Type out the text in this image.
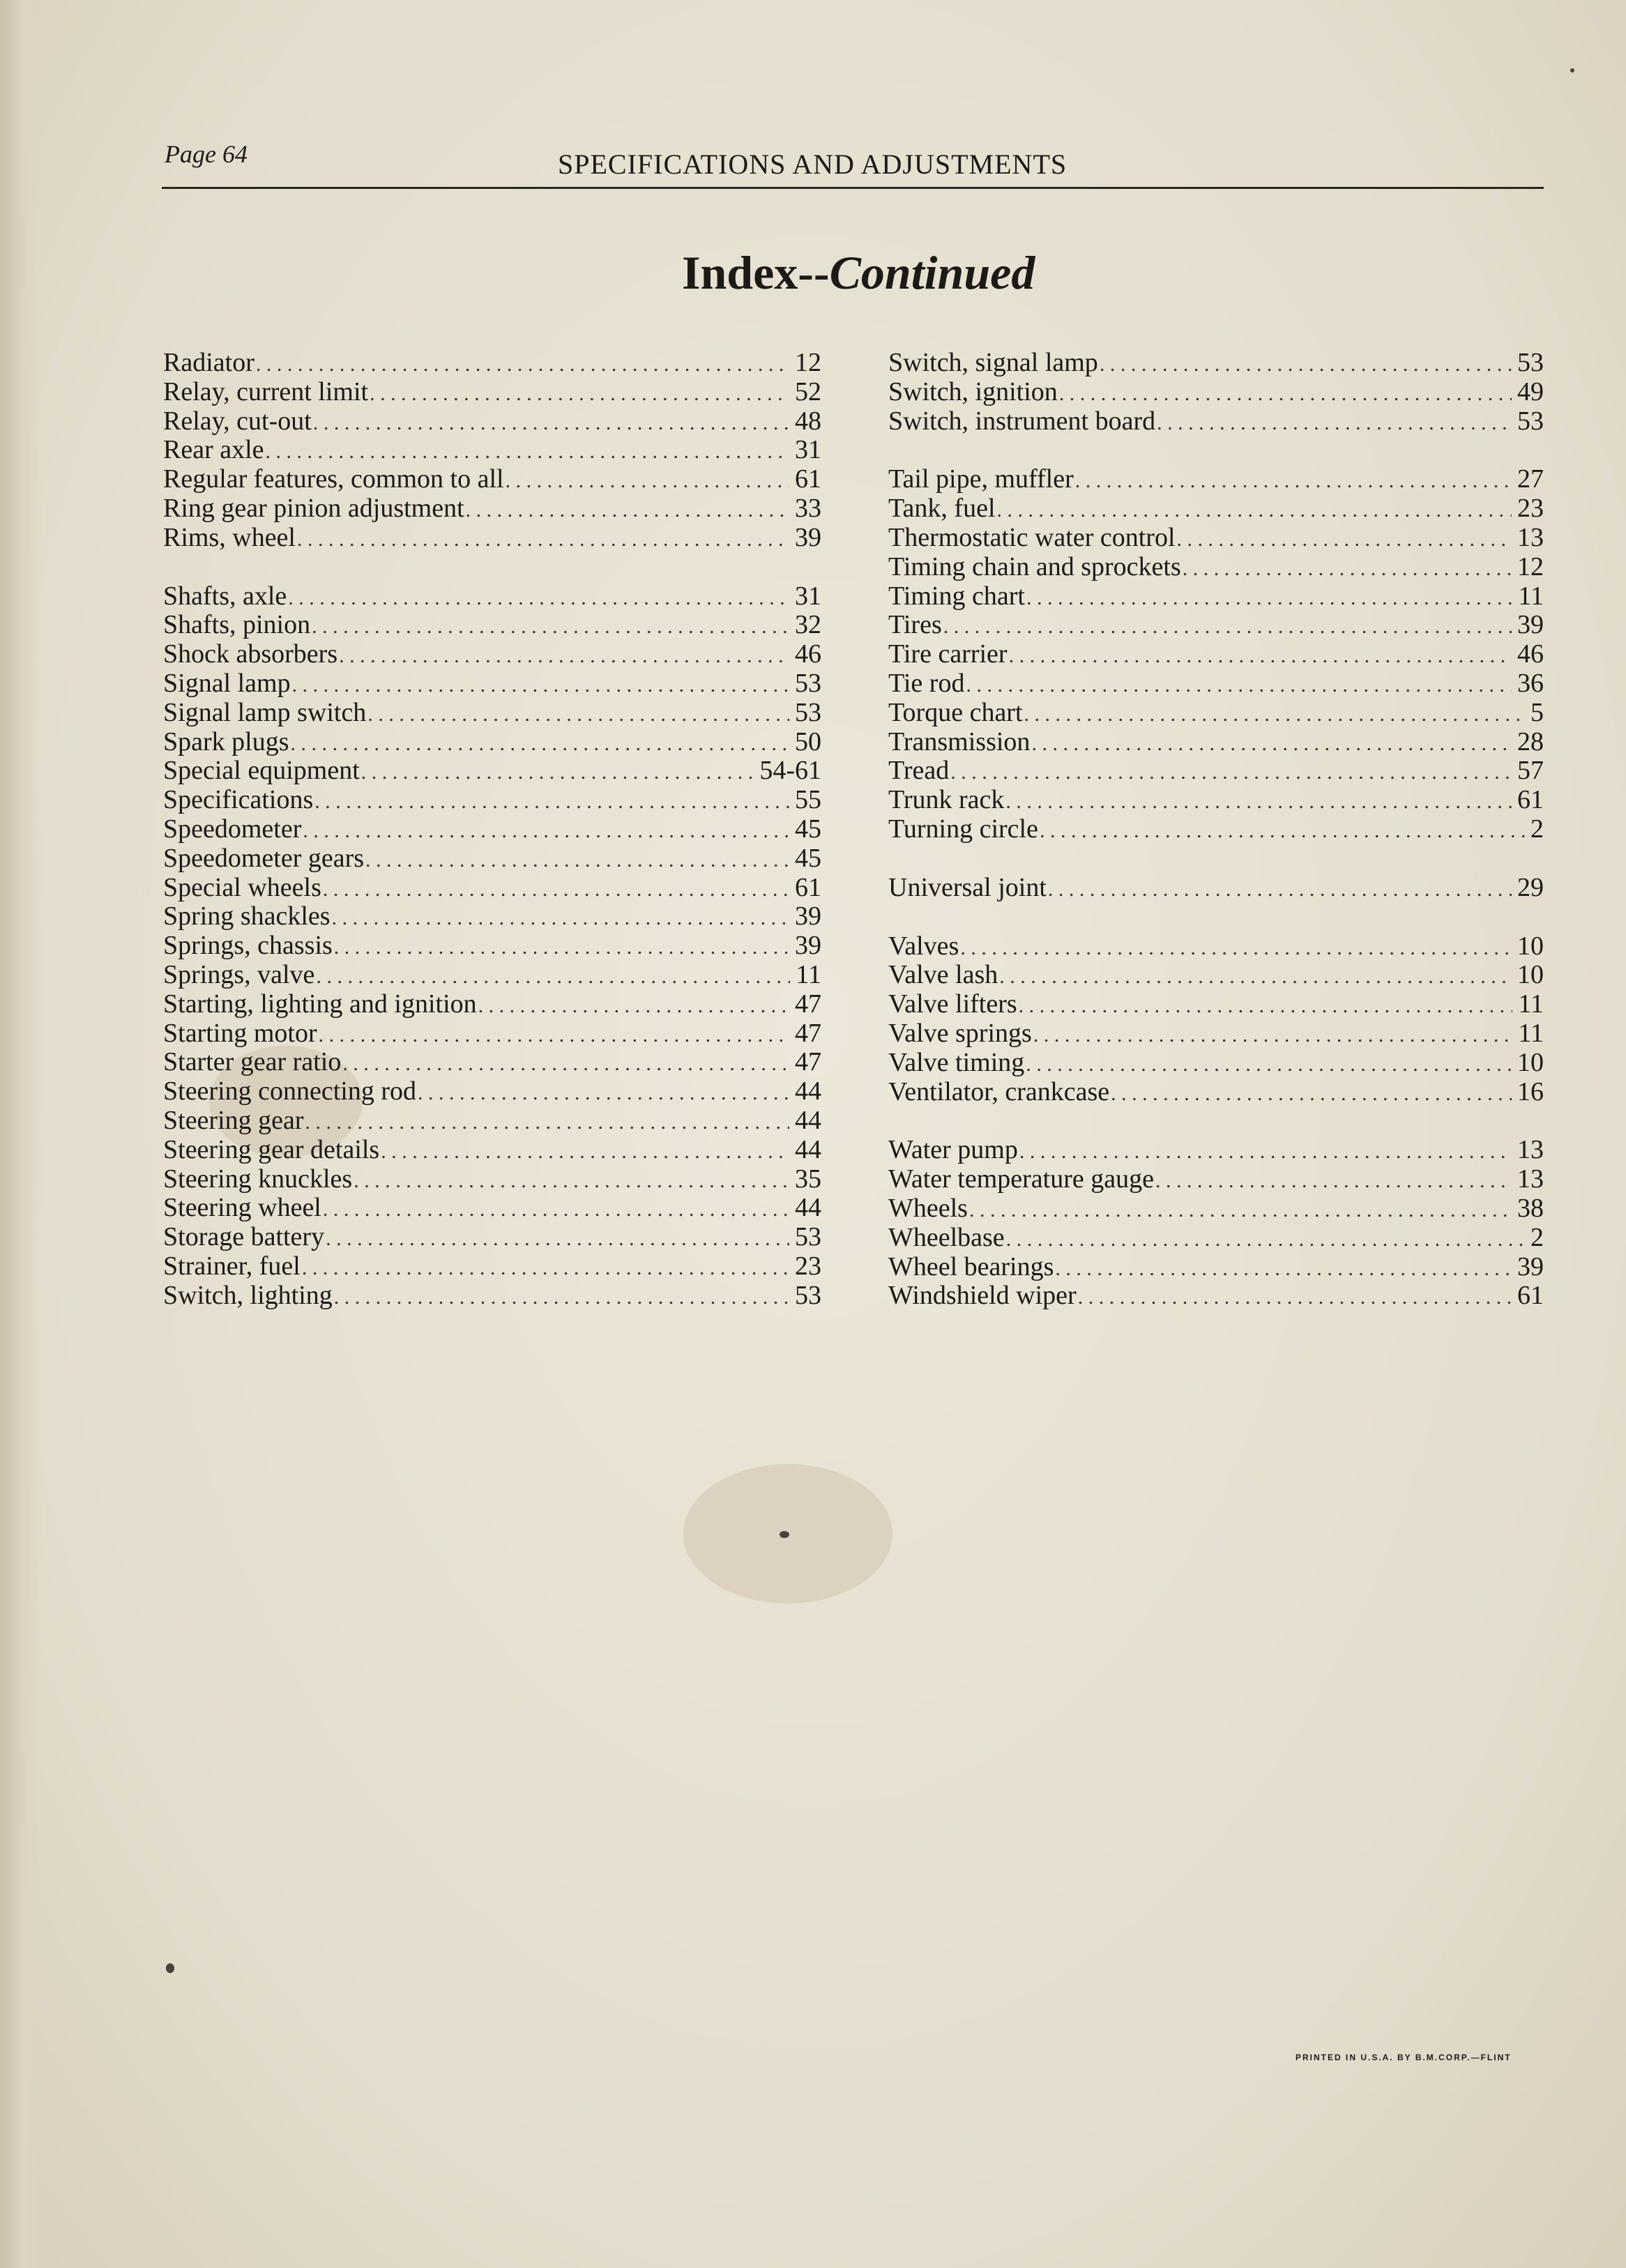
Page 64	SPECIFICATIONS AND ADJUSTMENTS
Index--Continued
Radiator . . .	12
Relay, current limit . . .	52
Relay, cut-out . . .	48
Rear axle . . .	31
Regular features, common to all . . .	61
Ring gear pinion adjustment . . .	33
Rims, wheel . . .	39
Shafts, axle . . .	31
Shafts, pinion . . .	32
Shock absorbers . . .	46
Signal lamp . . .	53
Signal lamp switch . . .	53
Spark plugs . . .	50
Special equipment . . .	54-61
Specifications . . .	55
Speedometer . . .	45
Speedometer gears . . .	45
Special wheels . . .	61
Spring shackles . . .	39
Springs, chassis . . .	39
Springs, valve . . .	11
Starting, lighting and ignition . . .	47
Starting motor . . .	47
Starter gear ratio . . .	47
Steering connecting rod . . .	44
Steering gear . . .	44
Steering gear details . . .	44
Steering knuckles . . .	35
Steering wheel . . .	44
Storage battery . . .	53
Strainer, fuel . . .	23
Switch, lighting . . .	53
Switch, signal lamp . . .	53
Switch, ignition . . .	49
Switch, instrument board . . .	53
Tail pipe, muffler . . .	27
Tank, fuel . . .	23
Thermostatic water control . . .	13
Timing chain and sprockets . . .	12
Timing chart . . .	11
Tires . . .	39
Tire carrier . . .	46
Tie rod . . .	36
Torque chart . . .	5
Transmission . . .	28
Tread . . .	57
Trunk rack . . .	61
Turning circle . . .	2
Universal joint . . .	29
Valves . . .	10
Valve lash . . .	10
Valve lifters . . .	11
Valve springs . . .	11
Valve timing . . .	10
Ventilator, crankcase . . .	16
Water pump . . .	13
Water temperature gauge . . .	13
Wheels . . .	38
Wheelbase . . .	2
Wheel bearings . . .	39
Windshield wiper . . .	61
PRINTED IN U.S.A. BY B.M.CORP.—FLINT
